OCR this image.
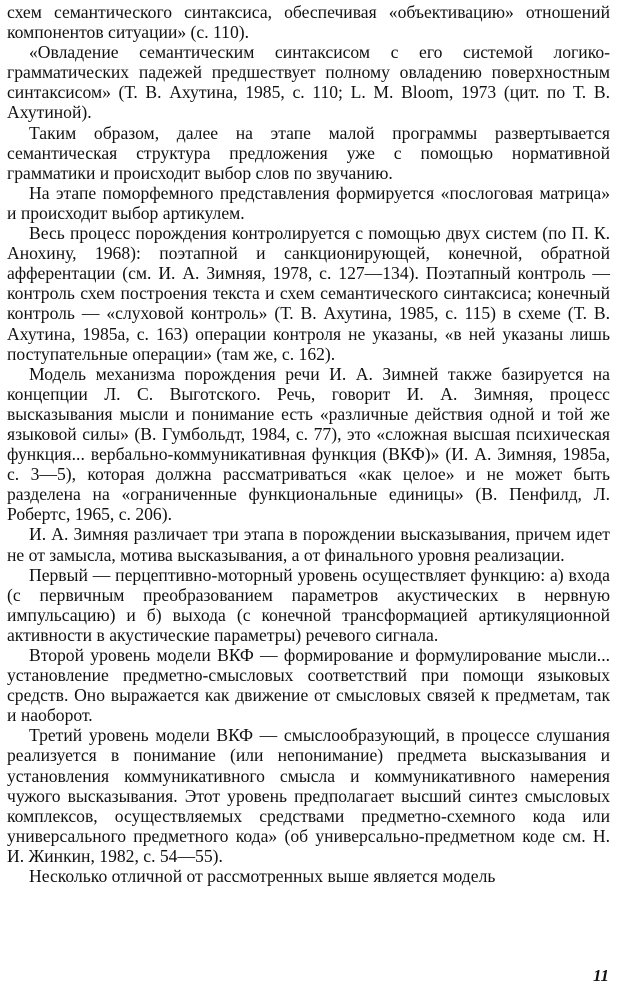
схем семантического синтаксиса, обеспечивая «объективацию» отношений компонентов ситуации» (с. 110).

«Овладение семантическим синтаксисом с его системой логико-грамматических падежей предшествует полному овладению поверхностным синтаксисом» (Т. В. Ахутина, 1985, с. 110; L. M. Bloom, 1973 (цит. по Т. В. Ахутиной).

Таким образом, далее на этапе малой программы развертывается семантическая структура предложения уже с помощью нормативной грамматики и происходит выбор слов по звучанию.

На этапе поморфемного представления формируется «послоговая матрица» и происходит выбор артикулем.

Весь процесс порождения контролируется с помощью двух систем (по П. К. Анохину, 1968): поэтапной и санкционирующей, конечной, обратной афферентации (см. И. А. Зимняя, 1978, с. 127—134). Поэтапный контроль — контроль схем построения текста и схем семантического синтаксиса; конечный контроль — «слуховой контроль» (Т. В. Ахутина, 1985, с. 115) в схеме (Т. В. Ахутина, 1985а, с. 163) операции контроля не указаны, «в ней указаны лишь поступательные операции» (там же, с. 162).

Модель механизма порождения речи И. А. Зимней также базируется на концепции Л. С. Выготского. Речь, говорит И. А. Зимняя, процесс высказывания мысли и понимание есть «различные действия одной и той же языковой силы» (В. Гумбольдт, 1984, с. 77), это «сложная высшая психическая функция... вербально-коммуникативная функция (ВКФ)» (И. А. Зимняя, 1985а, с. 3—5), которая должна рассматриваться «как целое» и не может быть разделена на «ограниченные функциональные единицы» (В. Пенфилд, Л. Робертс, 1965, с. 206).

И. А. Зимняя различает три этапа в порождении высказывания, причем идет не от замысла, мотива высказывания, а от финального уровня реализации.

Первый — перцептивно-моторный уровень осуществляет функцию: а) входа (с первичным преобразованием параметров акустических в нервную импульсацию) и б) выхода (с конечной трансформацией артикуляционной активности в акустические параметры) речевого сигнала.

Второй уровень модели ВКФ — формирование и формулирование мысли... установление предметно-смысловых соответствий при помощи языковых средств. Оно выражается как движение от смысловых связей к предметам, так и наоборот.

Третий уровень модели ВКФ — смыслообразующий, в процессе слушания реализуется в понимание (или непонимание) предмета высказывания и установления коммуникативного смысла и коммуникативного намерения чужого высказывания. Этот уровень предполагает высший синтез смысловых комплексов, осуществляемых средствами предметно-схемного кода или универсального предметного кода» (об универсально-предметном коде см. Н. И. Жинкин, 1982, с. 54—55).

Несколько отличной от рассмотренных выше является модель

11
